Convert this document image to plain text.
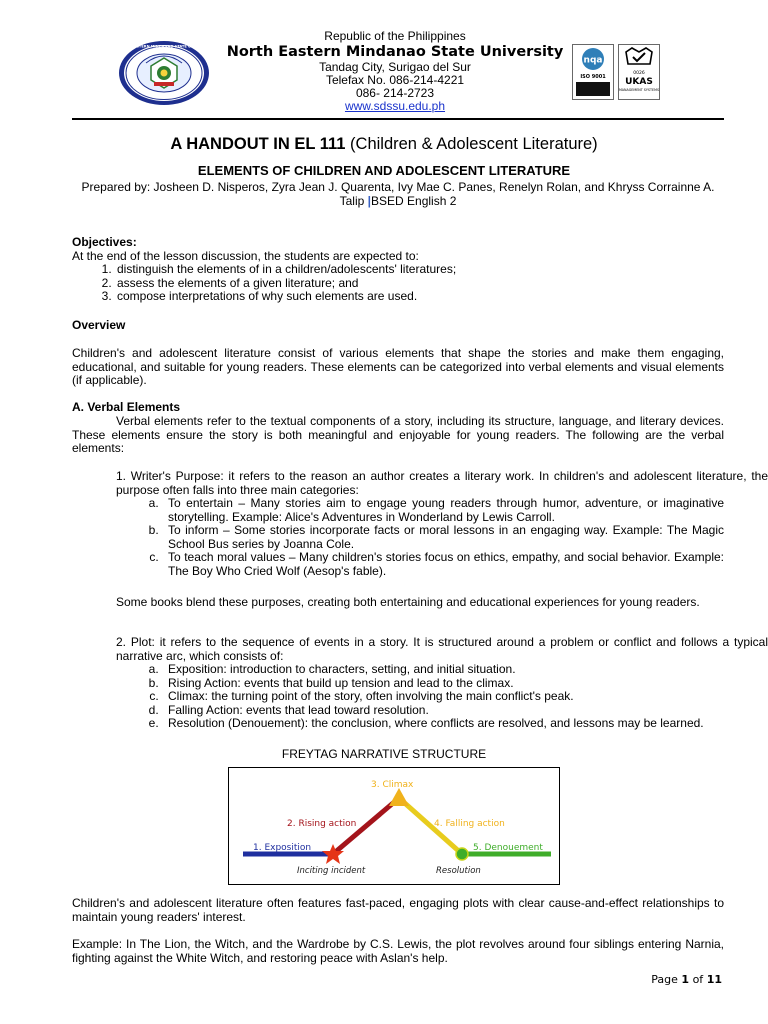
NORTH EASTERN MINDANAO STATE UNIVERSITY
Republic of the Philippines
North Eastern Mindanao State University
Tandag City, Surigao del Sur
Telefax No. 086-214-4221
086- 214-2723
www.sdssu.edu.ph
nqa
ISO 9001
0026
UKAS
MANAGEMENT SYSTEMS
A HANDOUT IN EL 111 (Children & Adolescent Literature)
ELEMENTS OF CHILDREN AND ADOLESCENT LITERATURE
Prepared by: Josheen D. Nisperos, Zyra Jean J. Quarenta, Ivy Mae C. Panes, Renelyn Rolan, and Khryss Corrainne A. Talip |BSED English 2
Objectives:
At the end of the lesson discussion, the students are expected to:
1. distinguish the elements of in a children/adolescents' literatures;
2. assess the elements of a given literature; and
3. compose interpretations of why such elements are used.
Overview
Children's and adolescent literature consist of various elements that shape the stories and make them engaging, educational, and suitable for young readers. These elements can be categorized into verbal elements and visual elements (if applicable).
A. Verbal Elements
Verbal elements refer to the textual components of a story, including its structure, language, and literary devices. These elements ensure the story is both meaningful and enjoyable for young readers. The following are the verbal elements:
1. Writer's Purpose: it refers to the reason an author creates a literary work. In children's and adolescent literature, the purpose often falls into three main categories:
a. To entertain – Many stories aim to engage young readers through humor, adventure, or imaginative storytelling. Example: Alice's Adventures in Wonderland by Lewis Carroll.
b. To inform – Some stories incorporate facts or moral lessons in an engaging way. Example: The Magic School Bus series by Joanna Cole.
c. To teach moral values – Many children's stories focus on ethics, empathy, and social behavior. Example: The Boy Who Cried Wolf (Aesop's fable).
Some books blend these purposes, creating both entertaining and educational experiences for young readers.
2. Plot: it refers to the sequence of events in a story. It is structured around a problem or conflict and follows a typical narrative arc, which consists of:
a. Exposition: introduction to characters, setting, and initial situation.
b. Rising Action: events that build up tension and lead to the climax.
c. Climax: the turning point of the story, often involving the main conflict's peak.
d. Falling Action: events that lead toward resolution.
e. Resolution (Denouement): the conclusion, where conflicts are resolved, and lessons may be learned.
FREYTAG NARRATIVE STRUCTURE
1. Exposition
2. Rising action
3. Climax
4. Falling action
5. Denouement
Inciting incident	Resolution
Children's and adolescent literature often features fast-paced, engaging plots with clear cause-and-effect relationships to maintain young readers' interest.
Example: In The Lion, the Witch, and the Wardrobe by C.S. Lewis, the plot revolves around four siblings entering Narnia, fighting against the White Witch, and restoring peace with Aslan's help.
Page 1 of 11
